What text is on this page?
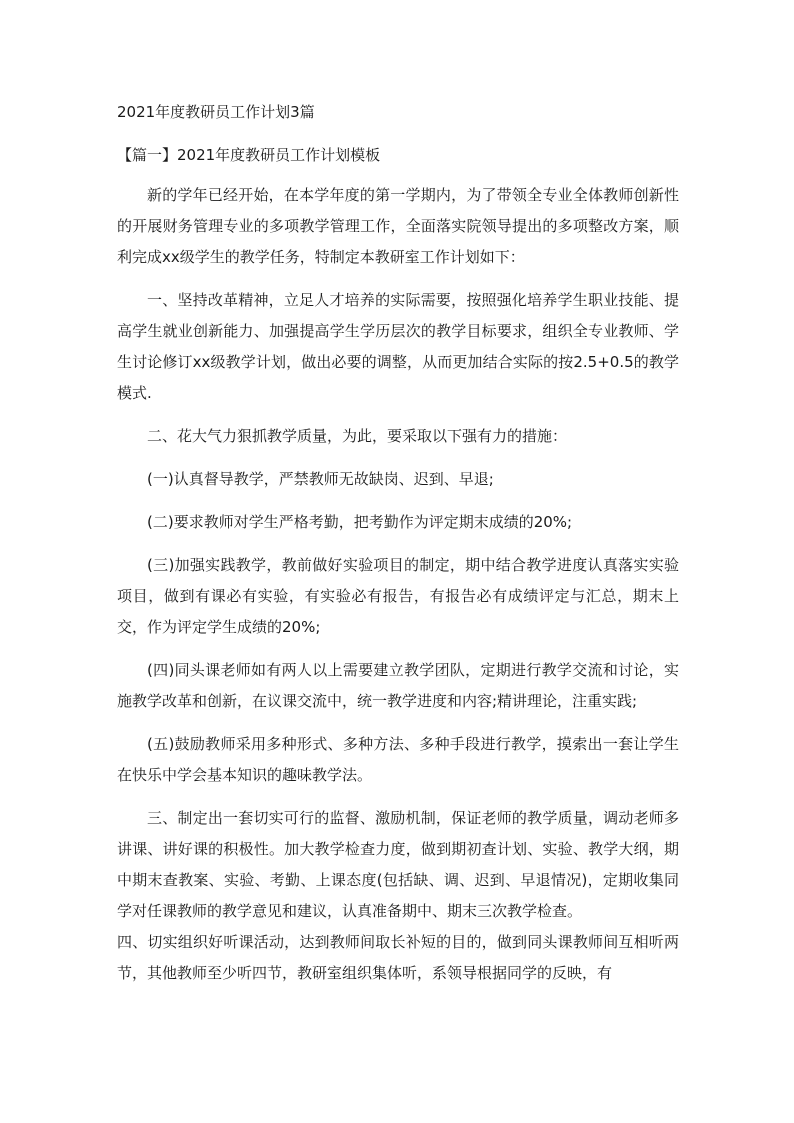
2021年度教研员工作计划3篇
【篇一】2021年度教研员工作计划模板

新的学年已经开始，在本学年度的第一学期内，为了带领全专业全体教师创新性的开展财务管理专业的多项教学管理工作，全面落实院领导提出的多项整改方案，顺利完成xx级学生的教学任务，特制定本教研室工作计划如下：

一、坚持改革精神，立足人才培养的实际需要，按照强化培养学生职业技能、提高学生就业创新能力、加强提高学生学历层次的教学目标要求，组织全专业教师、学生讨论修订xx级教学计划，做出必要的调整，从而更加结合实际的按2.5+0.5的教学模式.

二、花大气力狠抓教学质量，为此，要采取以下强有力的措施：

(一)认真督导教学，严禁教师无故缺岗、迟到、早退;

(二)要求教师对学生严格考勤，把考勤作为评定期末成绩的20%;

(三)加强实践教学，教前做好实验项目的制定，期中结合教学进度认真落实实验项目，做到有课必有实验，有实验必有报告，有报告必有成绩评定与汇总，期末上交，作为评定学生成绩的20%;

(四)同头课老师如有两人以上需要建立教学团队，定期进行教学交流和讨论，实施教学改革和创新，在议课交流中，统一教学进度和内容;精讲理论，注重实践;

(五)鼓励教师采用多种形式、多种方法、多种手段进行教学，摸索出一套让学生在快乐中学会基本知识的趣味教学法。

三、制定出一套切实可行的监督、激励机制，保证老师的教学质量，调动老师多讲课、讲好课的积极性。加大教学检查力度，做到期初查计划、实验、教学大纲，期中期末查教案、实验、考勤、上课态度(包括缺、调、迟到、早退情况)，定期收集同学对任课教师的教学意见和建议，认真准备期中、期末三次教学检查。

四、切实组织好听课活动，达到教师间取长补短的目的，做到同头课教师间互相听两节，其他教师至少听四节，教研室组织集体听，系领导根据同学的反映，有
